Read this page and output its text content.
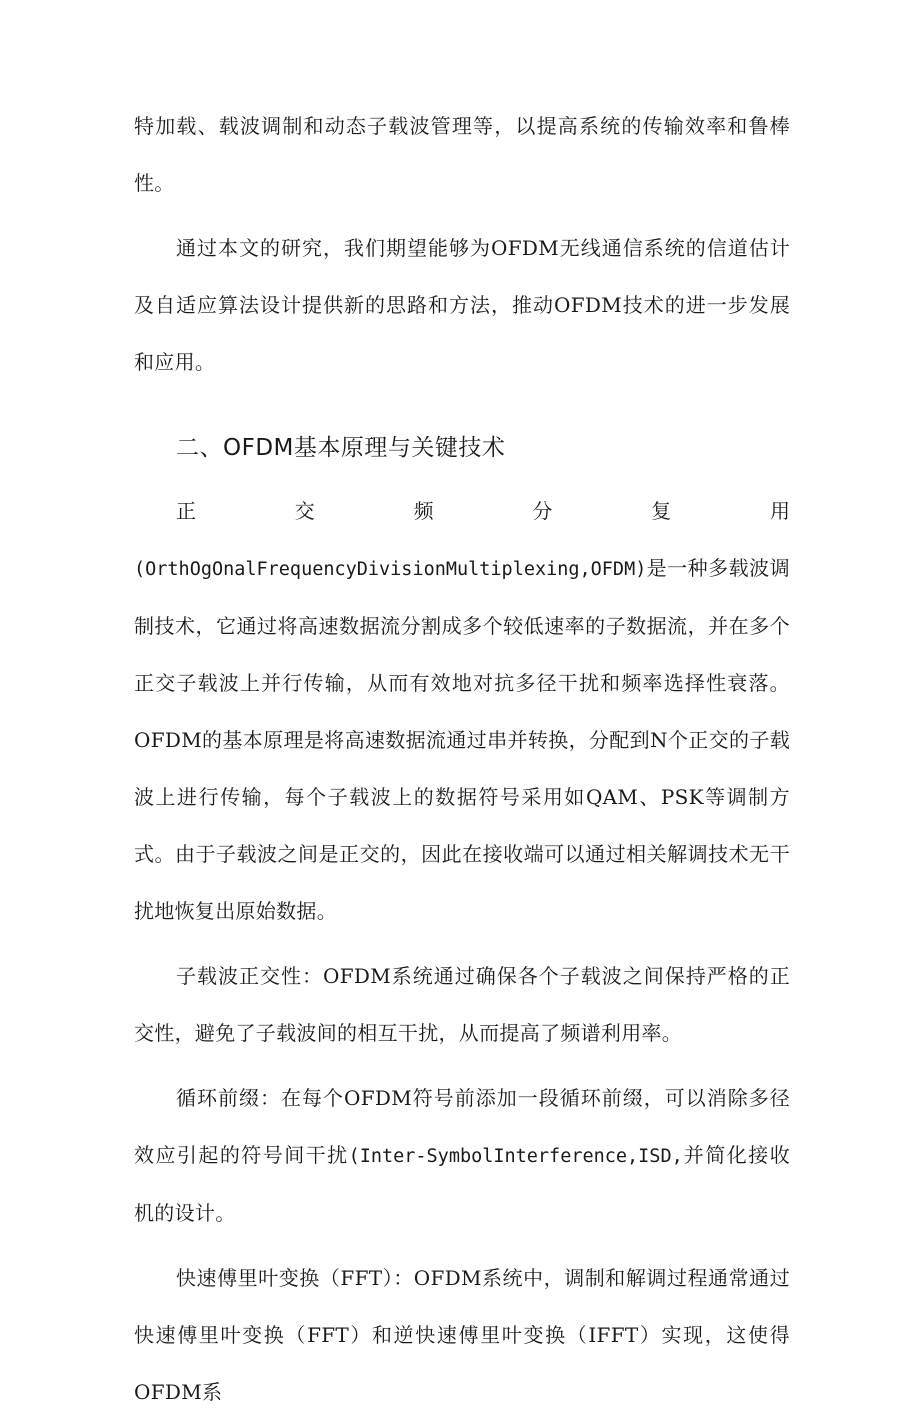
特加载、载波调制和动态子载波管理等，以提高系统的传输效率和鲁棒性。

通过本文的研究，我们期望能够为OFDM无线通信系统的信道估计及自适应算法设计提供新的思路和方法，推动OFDM技术的进一步发展和应用。

二、OFDM基本原理与关键技术
正	交	频	分	复	用

(OrthOgOnalFrequencyDivisionMultiplexing,OFDM)是一种多载波调制技术，它通过将高速数据流分割成多个较低速率的子数据流，并在多个正交子载波上并行传输，从而有效地对抗多径干扰和频率选择性衰落。OFDM的基本原理是将高速数据流通过串并转换，分配到N个正交的子载波上进行传输，每个子载波上的数据符号采用如QAM、PSK等调制方式。由于子载波之间是正交的，因此在接收端可以通过相关解调技术无干扰地恢复出原始数据。

子载波正交性：OFDM系统通过确保各个子载波之间保持严格的正交性，避免了子载波间的相互干扰，从而提高了频谱利用率。

循环前缀：在每个OFDM符号前添加一段循环前缀，可以消除多径效应引起的符号间干扰(Inter-SymbolInterference,ISD,并简化接收机的设计。

快速傅里叶变换（FFT）：OFDM系统中，调制和解调过程通常通过快速傅里叶变换（FFT）和逆快速傅里叶变换（IFFT）实现，这使得OFDM系
